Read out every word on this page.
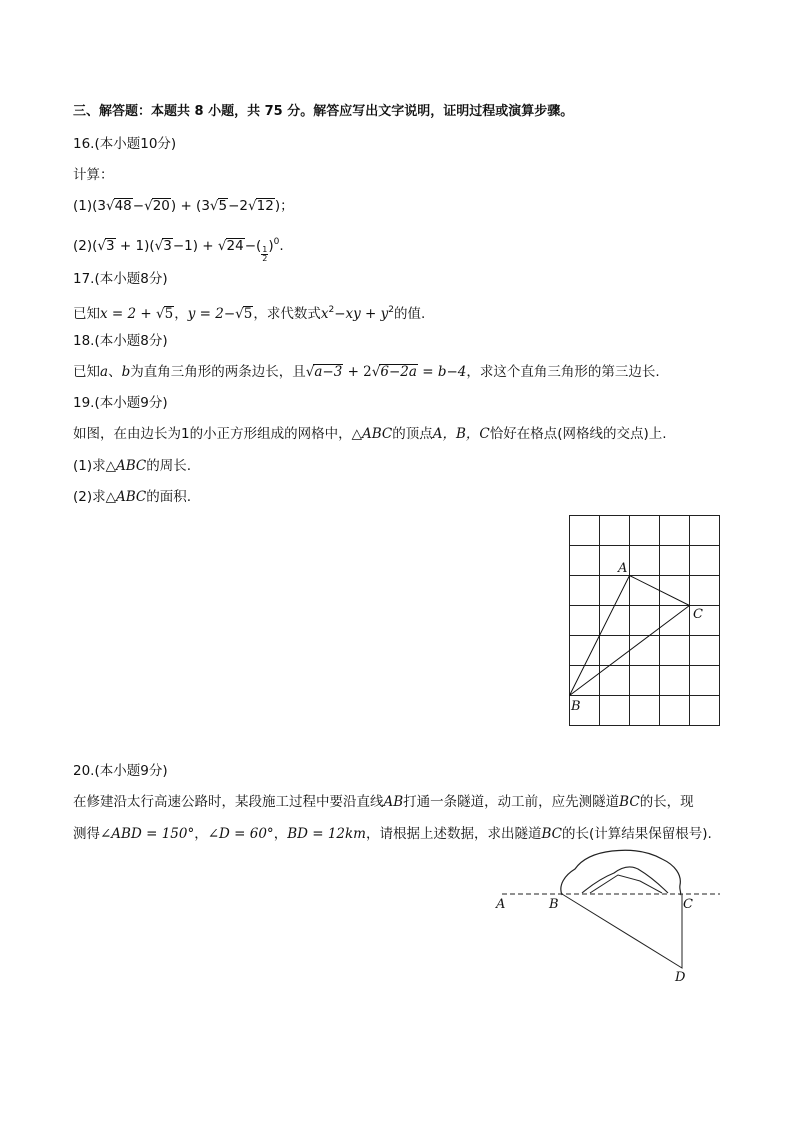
三、解答题：本题共 8 小题，共 75 分。解答应写出文字说明，证明过程或演算步骤。
16.(本小题10分)
计算：
(1)(3√48−√20) + (3√5−2√12)；
$(2)(√3 + 1)(√3-1) + √24-( \frac{1}{2} )^0$.
17.(本小题8分)
已知x = 2 + √5，y = 2−√5，求代数式$x^2-xy + y^2$的值.
18.(本小题8分)
已知a、b为直角三角形的两条边长，且√a−3 + 2√6−2a = b−4，求这个直角三角形的第三边长.
19.(本小题9分)
如图，在由边长为1的小正方形组成的网格中，△ABC的顶点A，B，C恰好在格点(网格线的交点)上.
(1)求△ABC的周长.
(2)求△ABC的面积.
A
C
B
20.(本小题9分)
在修建沿太行高速公路时，某段施工过程中要沿直线AB打通一条隧道，动工前，应先测隧道BC的长，现
测得∠ABD = 150°，∠D = 60°，BD = 12km，请根据上述数据，求出隧道BC的长(计算结果保留根号).
A	B	C
D
